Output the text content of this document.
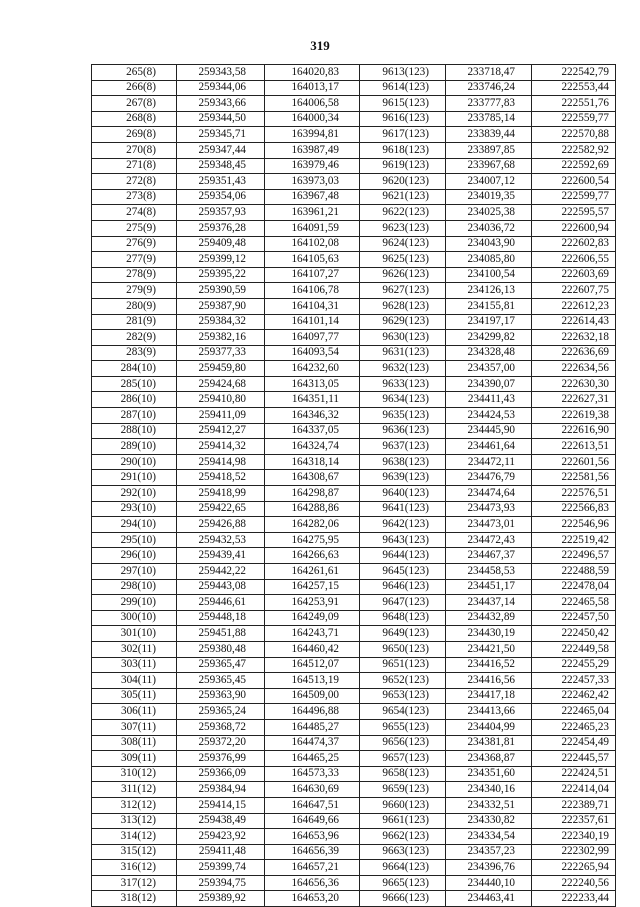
319
265(8)	259343,58	164020,83	9613(123)	233718,47	222542,79
266(8)	259344,06	164013,17	9614(123)	233746,24	222553,44
267(8)	259343,66	164006,58	9615(123)	233777,83	222551,76
268(8)	259344,50	164000,34	9616(123)	233785,14	222559,77
269(8)	259345,71	163994,81	9617(123)	233839,44	222570,88
270(8)	259347,44	163987,49	9618(123)	233897,85	222582,92
271(8)	259348,45	163979,46	9619(123)	233967,68	222592,69
272(8)	259351,43	163973,03	9620(123)	234007,12	222600,54
273(8)	259354,06	163967,48	9621(123)	234019,35	222599,77
274(8)	259357,93	163961,21	9622(123)	234025,38	222595,57
275(9)	259376,28	164091,59	9623(123)	234036,72	222600,94
276(9)	259409,48	164102,08	9624(123)	234043,90	222602,83
277(9)	259399,12	164105,63	9625(123)	234085,80	222606,55
278(9)	259395,22	164107,27	9626(123)	234100,54	222603,69
279(9)	259390,59	164106,78	9627(123)	234126,13	222607,75
280(9)	259387,90	164104,31	9628(123)	234155,81	222612,23
281(9)	259384,32	164101,14	9629(123)	234197,17	222614,43
282(9)	259382,16	164097,77	9630(123)	234299,82	222632,18
283(9)	259377,33	164093,54	9631(123)	234328,48	222636,69
284(10)	259459,80	164232,60	9632(123)	234357,00	222634,56
285(10)	259424,68	164313,05	9633(123)	234390,07	222630,30
286(10)	259410,80	164351,11	9634(123)	234411,43	222627,31
287(10)	259411,09	164346,32	9635(123)	234424,53	222619,38
288(10)	259412,27	164337,05	9636(123)	234445,90	222616,90
289(10)	259414,32	164324,74	9637(123)	234461,64	222613,51
290(10)	259414,98	164318,14	9638(123)	234472,11	222601,56
291(10)	259418,52	164308,67	9639(123)	234476,79	222581,56
292(10)	259418,99	164298,87	9640(123)	234474,64	222576,51
293(10)	259422,65	164288,86	9641(123)	234473,93	222566,83
294(10)	259426,88	164282,06	9642(123)	234473,01	222546,96
295(10)	259432,53	164275,95	9643(123)	234472,43	222519,42
296(10)	259439,41	164266,63	9644(123)	234467,37	222496,57
297(10)	259442,22	164261,61	9645(123)	234458,53	222488,59
298(10)	259443,08	164257,15	9646(123)	234451,17	222478,04
299(10)	259446,61	164253,91	9647(123)	234437,14	222465,58
300(10)	259448,18	164249,09	9648(123)	234432,89	222457,50
301(10)	259451,88	164243,71	9649(123)	234430,19	222450,42
302(11)	259380,48	164460,42	9650(123)	234421,50	222449,58
303(11)	259365,47	164512,07	9651(123)	234416,52	222455,29
304(11)	259365,45	164513,19	9652(123)	234416,56	222457,33
305(11)	259363,90	164509,00	9653(123)	234417,18	222462,42
306(11)	259365,24	164496,88	9654(123)	234413,66	222465,04
307(11)	259368,72	164485,27	9655(123)	234404,99	222465,23
308(11)	259372,20	164474,37	9656(123)	234381,81	222454,49
309(11)	259376,99	164465,25	9657(123)	234368,87	222445,57
310(12)	259366,09	164573,33	9658(123)	234351,60	222424,51
311(12)	259384,94	164630,69	9659(123)	234340,16	222414,04
312(12)	259414,15	164647,51	9660(123)	234332,51	222389,71
313(12)	259438,49	164649,66	9661(123)	234330,82	222357,61
314(12)	259423,92	164653,96	9662(123)	234334,54	222340,19
315(12)	259411,48	164656,39	9663(123)	234357,23	222302,99
316(12)	259399,74	164657,21	9664(123)	234396,76	222265,94
317(12)	259394,75	164656,36	9665(123)	234440,10	222240,56
318(12)	259389,92	164653,20	9666(123)	234463,41	222233,44
